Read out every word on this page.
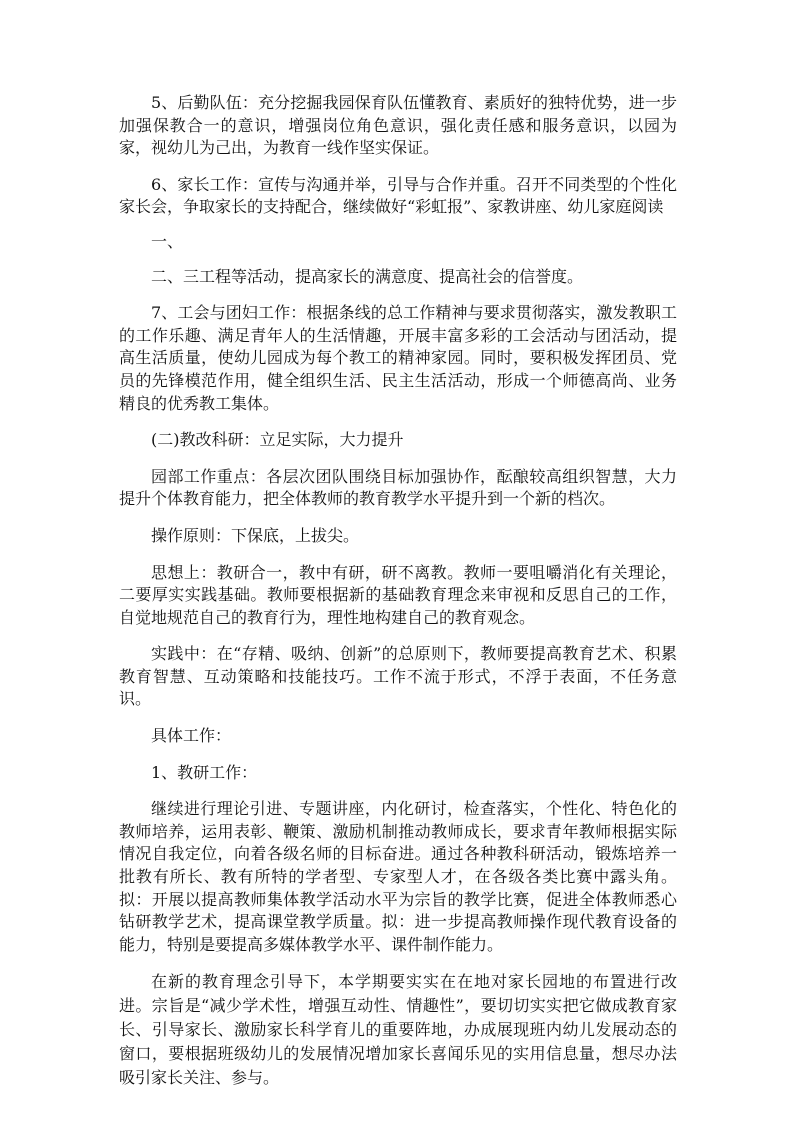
5、后勤队伍：充分挖掘我园保育队伍懂教育、素质好的独特优势，进一步加强保教合一的意识，增强岗位角色意识，强化责任感和服务意识，以园为家，视幼儿为己出，为教育一线作坚实保证。

6、家长工作：宣传与沟通并举，引导与合作并重。召开不同类型的个性化家长会，争取家长的支持配合，继续做好“彩虹报”、家教讲座、幼儿家庭阅读

一、

二、三工程等活动，提高家长的满意度、提高社会的信誉度。

7、工会与团妇工作：根据条线的总工作精神与要求贯彻落实，激发教职工的工作乐趣、满足青年人的生活情趣，开展丰富多彩的工会活动与团活动，提高生活质量，使幼儿园成为每个教工的精神家园。同时，要积极发挥团员、党员的先锋模范作用，健全组织生活、民主生活活动，形成一个师德高尚、业务精良的优秀教工集体。

(二)教改科研：立足实际，大力提升

园部工作重点：各层次团队围绕目标加强协作，酝酿较高组织智慧，大力提升个体教育能力，把全体教师的教育教学水平提升到一个新的档次。

操作原则：下保底，上拔尖。

思想上：教研合一，教中有研，研不离教。教师一要咀嚼消化有关理论，二要厚实实践基础。教师要根据新的基础教育理念来审视和反思自己的工作，自觉地规范自己的教育行为，理性地构建自己的教育观念。

实践中：在“存精、吸纳、创新”的总原则下，教师要提高教育艺术、积累教育智慧、互动策略和技能技巧。工作不流于形式，不浮于表面，不任务意识。

具体工作：

1、教研工作：

继续进行理论引进、专题讲座，内化研讨，检查落实，个性化、特色化的教师培养，运用表彰、鞭策、激励机制推动教师成长，要求青年教师根据实际情况自我定位，向着各级名师的目标奋进。通过各种教科研活动，锻炼培养一批教有所长、教有所特的学者型、专家型人才，在各级各类比赛中露头角。拟：开展以提高教师集体教学活动水平为宗旨的教学比赛，促进全体教师悉心钻研教学艺术，提高课堂教学质量。拟：进一步提高教师操作现代教育设备的能力，特别是要提高多媒体教学水平、课件制作能力。

在新的教育理念引导下，本学期要实实在在地对家长园地的布置进行改进。宗旨是“减少学术性，增强互动性、情趣性”，要切切实实把它做成教育家长、引导家长、激励家长科学育儿的重要阵地，办成展现班内幼儿发展动态的窗口，要根据班级幼儿的发展情况增加家长喜闻乐见的实用信息量，想尽办法吸引家长关注、参与。
